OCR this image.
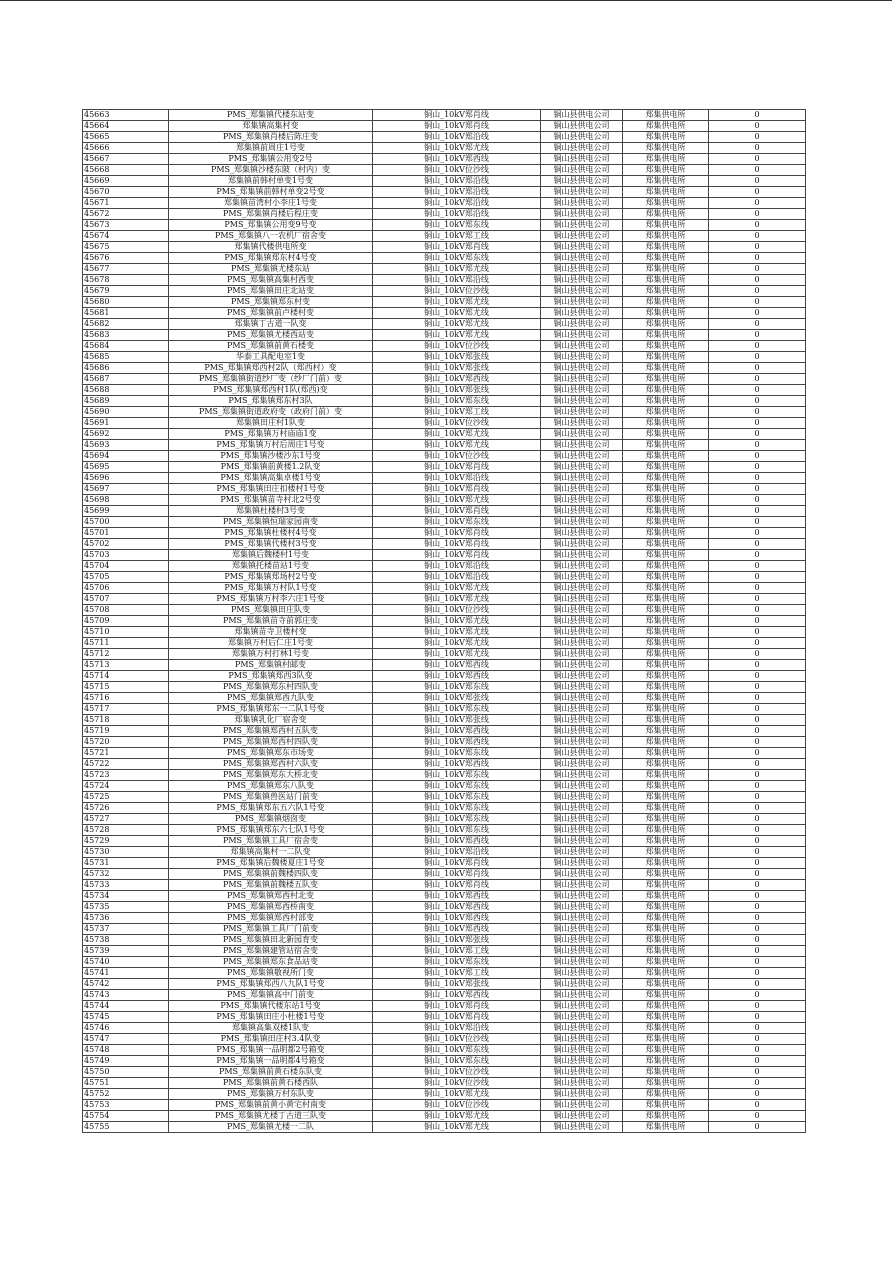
45663	PMS_郑集镇代楼东站变	铜山_10kV郑肖线	铜山县供电公司	郑集供电所	0
45664	郑集镇高集村变	铜山_10kV郑肖线	铜山县供电公司	郑集供电所	0
45665	PMS_郑集镇肖楼后陈庄变	铜山_10kV郑沿线	铜山县供电公司	郑集供电所	0
45666	郑集镇前周庄1号变	铜山_10kV郑尤线	铜山县供电公司	郑集供电所	0
45667	PMS_郑集镇公用变2号	铜山_10kV郑西线	铜山县供电公司	郑集供电所	0
45668	PMS_郑集镇沙楼东陂（村内）变	铜山_10kV位沙线	铜山县供电公司	郑集供电所	0
45669	郑集镇前韩村单变1号变	铜山_10kV郑沿线	铜山县供电公司	郑集供电所	0
45670	PMS_郑集镇前韩村单变2号变	铜山_10kV郑沿线	铜山县供电公司	郑集供电所	0
45671	郑集镇苗湾村小李庄1号变	铜山_10kV郑沿线	铜山县供电公司	郑集供电所	0
45672	PMS_郑集镇肖楼后程庄变	铜山_10kV郑沿线	铜山县供电公司	郑集供电所	0
45673	PMS_郑集镇公用变9号变	铜山_10kV郑东线	铜山县供电公司	郑集供电所	0
45674	PMS_郑集镇八一农机厂宿舍变	铜山_10kV郑工线	铜山县供电公司	郑集供电所	0
45675	郑集镇代楼供电所变	铜山_10kV郑肖线	铜山县供电公司	郑集供电所	0
45676	PMS_郑集镇郑东村4号变	铜山_10kV郑东线	铜山县供电公司	郑集供电所	0
45677	PMS_郑集镇尤楼东站	铜山_10kV郑尤线	铜山县供电公司	郑集供电所	0
45678	PMS_郑集镇高集村西变	铜山_10kV郑沿线	铜山县供电公司	郑集供电所	0
45679	PMS_郑集镇田庄北站变	铜山_10kV位沙线	铜山县供电公司	郑集供电所	0
45680	PMS_郑集镇郑东村变	铜山_10kV郑尤线	铜山县供电公司	郑集供电所	0
45681	PMS_郑集镇前卢楼村变	铜山_10kV郑尤线	铜山县供电公司	郑集供电所	0
45682	郑集镇丁古道一队变	铜山_10kV郑尤线	铜山县供电公司	郑集供电所	0
45683	PMS_郑集镇尤楼西站变	铜山_10kV郑尤线	铜山县供电公司	郑集供电所	0
45684	PMS_郑集镇前黄石楼变	铜山_10kV位沙线	铜山县供电公司	郑集供电所	0
45685	华泰工具配电室1变	铜山_10kV郑张线	铜山县供电公司	郑集供电所	0
45686	PMS_郑集镇郑西村2队（郑西村）变	铜山_10kV郑张线	铜山县供电公司	郑集供电所	0
45687	PMS_郑集镇街道纱厂变（纱厂门前）变	铜山_10kV郑西线	铜山县供电公司	郑集供电所	0
45688	PMS_郑集镇郑西村1队(郑西)变	铜山_10kV郑张线	铜山县供电公司	郑集供电所	0
45689	PMS_郑集镇郑东村3队	铜山_10kV郑东线	铜山县供电公司	郑集供电所	0
45690	PMS_郑集镇街道政府变（政府门前）变	铜山_10kV郑工线	铜山县供电公司	郑集供电所	0
45691	郑集镇田庄村1队变	铜山_10kV位沙线	铜山县供电公司	郑集供电所	0
45692	PMS_郑集镇万村庙庙1变	铜山_10kV郑尤线	铜山县供电公司	郑集供电所	0
45693	PMS_郑集镇万村后周庄1号变	铜山_10kV郑尤线	铜山县供电公司	郑集供电所	0
45694	PMS_郑集镇沙楼沙东1号变	铜山_10kV位沙线	铜山县供电公司	郑集供电所	0
45695	PMS_郑集镇前黄楼1.2队变	铜山_10kV郑肖线	铜山县供电公司	郑集供电所	0
45696	PMS_郑集镇高集卓楼1号变	铜山_10kV郑沿线	铜山县供电公司	郑集供电所	0
45697	PMS_郑集镇田庄扣楼村1号变	铜山_10kV郑肖线	铜山县供电公司	郑集供电所	0
45698	PMS_郑集镇苗寺村北2号变	铜山_10kV郑尤线	铜山县供电公司	郑集供电所	0
45699	郑集镇杜楼村3号变	铜山_10kV郑肖线	铜山县供电公司	郑集供电所	0
45700	PMS_郑集镇恒瑞家园南变	铜山_10kV郑东线	铜山县供电公司	郑集供电所	0
45701	PMS_郑集镇杜楼村4号变	铜山_10kV郑肖线	铜山县供电公司	郑集供电所	0
45702	PMS_郑集镇代楼村3号变	铜山_10kV郑肖线	铜山县供电公司	郑集供电所	0
45703	郑集镇后魏楼村1号变	铜山_10kV郑肖线	铜山县供电公司	郑集供电所	0
45704	郑集镇托楼苗站1号变	铜山_10kV郑沿线	铜山县供电公司	郑集供电所	0
45705	PMS_郑集镇郑场村2号变	铜山_10kV郑沿线	铜山县供电公司	郑集供电所	0
45706	PMS_郑集镇万村队1号变	铜山_10kV郑尤线	铜山县供电公司	郑集供电所	0
45707	PMS_郑集镇万村李六庄1号变	铜山_10kV郑尤线	铜山县供电公司	郑集供电所	0
45708	PMS_郑集镇田庄队变	铜山_10kV位沙线	铜山县供电公司	郑集供电所	0
45709	PMS_郑集镇苗寺前郭庄变	铜山_10kV郑尤线	铜山县供电公司	郑集供电所	0
45710	郑集镇苗寺卫楼村变	铜山_10kV郑尤线	铜山县供电公司	郑集供电所	0
45711	郑集镇万村后仁庄1号变	铜山_10kV郑尤线	铜山县供电公司	郑集供电所	0
45712	郑集镇万村打林1号变	铜山_10kV郑尤线	铜山县供电公司	郑集供电所	0
45713	PMS_郑集镇村邮变	铜山_10kV郑西线	铜山县供电公司	郑集供电所	0
45714	PMS_郑集镇郑西3队变	铜山_10kV郑西线	铜山县供电公司	郑集供电所	0
45715	PMS_郑集镇郑东村四队变	铜山_10kV郑东线	铜山县供电公司	郑集供电所	0
45716	PMS_郑集镇郑西九队变	铜山_10kV郑张线	铜山县供电公司	郑集供电所	0
45717	PMS_郑集镇郑东一二队1号变	铜山_10kV郑东线	铜山县供电公司	郑集供电所	0
45718	郑集镇乳化厂宿舍变	铜山_10kV郑张线	铜山县供电公司	郑集供电所	0
45719	PMS_郑集镇郑西村五队变	铜山_10kV郑西线	铜山县供电公司	郑集供电所	0
45720	PMS_郑集镇郑西村四队变	铜山_10kV郑西线	铜山县供电公司	郑集供电所	0
45721	PMS_郑集镇郑东市场变	铜山_10kV郑东线	铜山县供电公司	郑集供电所	0
45722	PMS_郑集镇郑西村六队变	铜山_10kV郑西线	铜山县供电公司	郑集供电所	0
45723	PMS_郑集镇郑东大桥北变	铜山_10kV郑东线	铜山县供电公司	郑集供电所	0
45724	PMS_郑集镇郑东八队变	铜山_10kV郑东线	铜山县供电公司	郑集供电所	0
45725	PMS_郑集镇兽医站门前变	铜山_10kV郑东线	铜山县供电公司	郑集供电所	0
45726	PMS_郑集镇郑东五六队1号变	铜山_10kV郑东线	铜山县供电公司	郑集供电所	0
45727	PMS_郑集镇烟囱变	铜山_10kV郑东线	铜山县供电公司	郑集供电所	0
45728	PMS_郑集镇郑东六七队1号变	铜山_10kV郑东线	铜山县供电公司	郑集供电所	0
45729	PMS_郑集镇工具厂宿舍变	铜山_10kV郑西线	铜山县供电公司	郑集供电所	0
45730	郑集镇高集村一二队变	铜山_10kV郑沿线	铜山县供电公司	郑集供电所	0
45731	PMS_郑集镇后魏楼夏庄1号变	铜山_10kV郑肖线	铜山县供电公司	郑集供电所	0
45732	PMS_郑集镇前魏楼四队变	铜山_10kV郑肖线	铜山县供电公司	郑集供电所	0
45733	PMS_郑集镇前魏楼五队变	铜山_10kV郑肖线	铜山县供电公司	郑集供电所	0
45734	PMS_郑集镇郑西村北变	铜山_10kV郑西线	铜山县供电公司	郑集供电所	0
45735	PMS_郑集镇郑西桥南变	铜山_10kV郑西线	铜山县供电公司	郑集供电所	0
45736	PMS_郑集镇郑西村部变	铜山_10kV郑西线	铜山县供电公司	郑集供电所	0
45737	PMS_郑集镇工具厂门前变	铜山_10kV郑西线	铜山县供电公司	郑集供电所	0
45738	PMS_郑集镇田北新园育变	铜山_10kV郑张线	铜山县供电公司	郑集供电所	0
45739	PMS_郑集镇建管站宿舍变	铜山_10kV郑工线	铜山县供电公司	郑集供电所	0
45740	PMS_郑集镇郑东食品站变	铜山_10kV郑东线	铜山县供电公司	郑集供电所	0
45741	PMS_郑集镇敬视所门变	铜山_10kV郑工线	铜山县供电公司	郑集供电所	0
45742	PMS_郑集镇郑西八九队1号变	铜山_10kV郑张线	铜山县供电公司	郑集供电所	0
45743	PMS_郑集镇高中门前变	铜山_10kV郑西线	铜山县供电公司	郑集供电所	0
45744	PMS_郑集镇代楼东站1号变	铜山_10kV郑肖线	铜山县供电公司	郑集供电所	0
45745	PMS_郑集镇田庄小杜楼1号变	铜山_10kV郑肖线	铜山县供电公司	郑集供电所	0
45746	郑集镇高集双楼1队变	铜山_10kV郑沿线	铜山县供电公司	郑集供电所	0
45747	PMS_郑集镇田庄村3.4队变	铜山_10kV位沙线	铜山县供电公司	郑集供电所	0
45748	PMS_郑集镇一品明都2号箱变	铜山_10kV郑东线	铜山县供电公司	郑集供电所	0
45749	PMS_郑集镇一品明都4号箱变	铜山_10kV郑东线	铜山县供电公司	郑集供电所	0
45750	PMS_郑集镇前黄石楼东队变	铜山_10kV位沙线	铜山县供电公司	郑集供电所	0
45751	PMS_郑集镇前黄石楼西队	铜山_10kV位沙线	铜山县供电公司	郑集供电所	0
45752	PMS_郑集镇万村东队变	铜山_10kV郑尤线	铜山县供电公司	郑集供电所	0
45753	PMS_郑集镇前黄小黄宅村南变	铜山_10kV位沙线	铜山县供电公司	郑集供电所	0
45754	PMS_郑集镇尤楼丁古道三队变	铜山_10kV郑尤线	铜山县供电公司	郑集供电所	0
45755	PMS_郑集镇尤楼一二队	铜山_10kV郑尤线	铜山县供电公司	郑集供电所	0
